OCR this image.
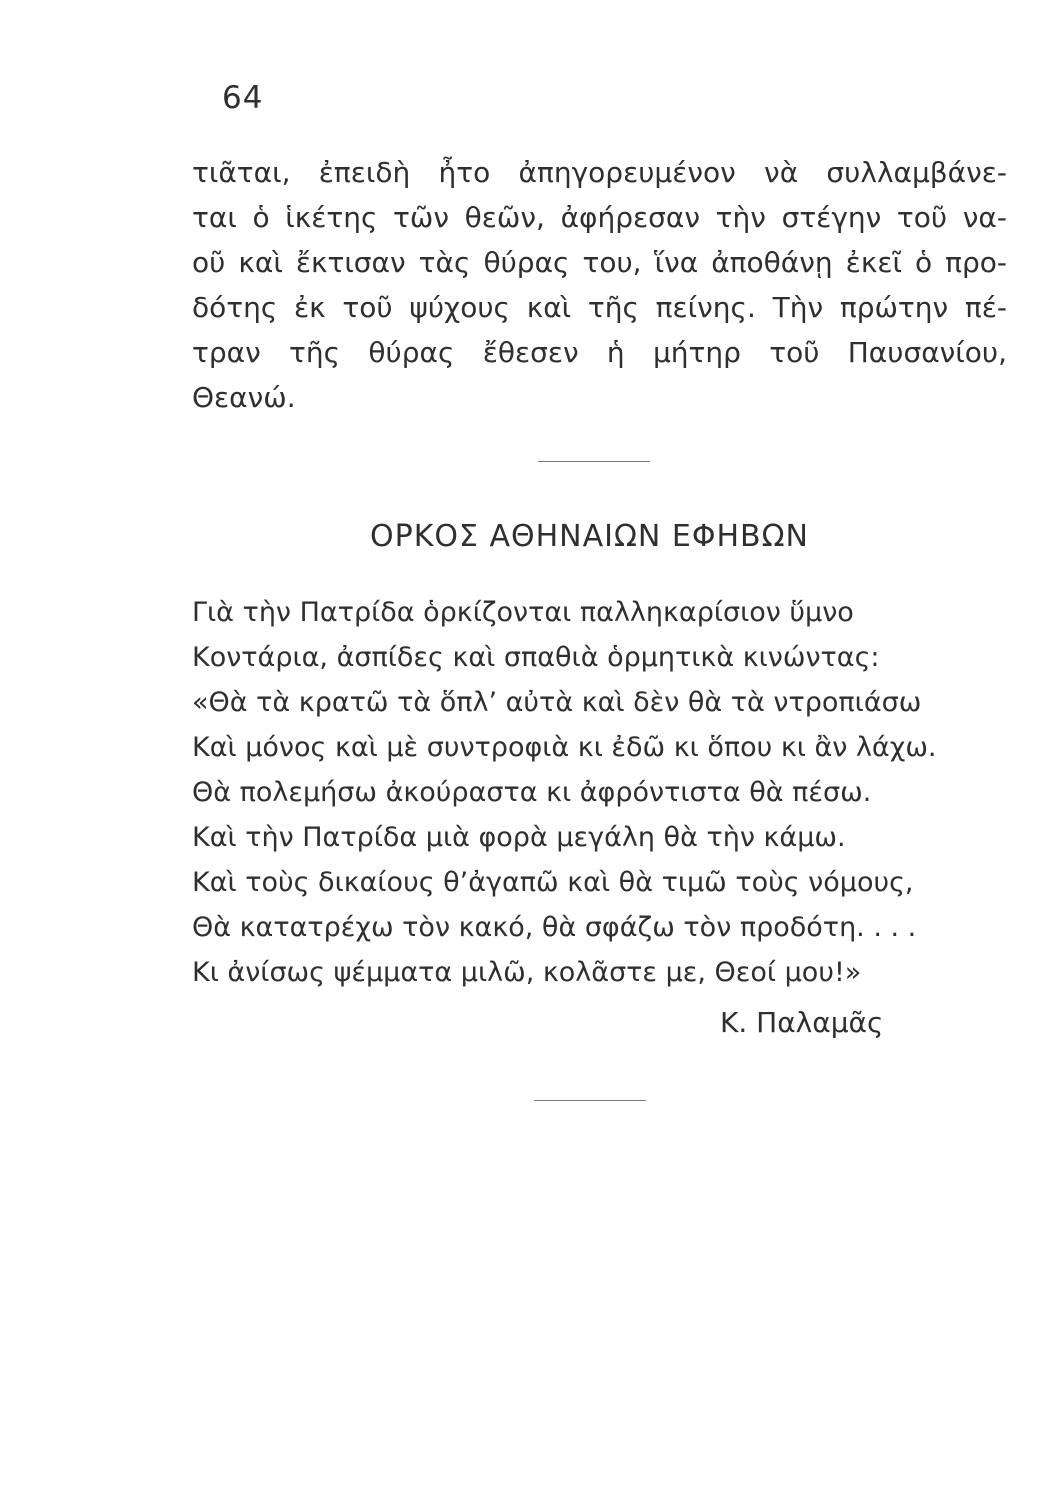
64
τιᾶται, ἐπειδὴ ἦτο ἀπηγορευμένον νὰ συλλαμβάνε-
ται ὁ ἱκέτης τῶν θεῶν, ἀφήρεσαν τὴν στέγην τοῦ να-
οῦ καὶ ἔκτισαν τὰς θύρας του, ἵνα ἀποθάνῃ ἐκεῖ ὁ προ-
δότης ἐκ τοῦ ψύχους καὶ τῆς πείνης. Τὴν πρώτην πέ-
τραν τῆς θύρας ἔθεσεν ἡ μήτηρ τοῦ Παυσανίου,
Θεανώ.
ΟΡΚΟΣ ΑΘΗΝΑΙΩΝ ΕΦΗΒΩΝ
Γιὰ τὴν Πατρίδα ὁρκίζονται παλληκαρίσιον ὕμνο
Κοντάρια, ἀσπίδες καὶ σπαθιὰ ὁρμητικὰ κινώντας:
«Θὰ τὰ κρατῶ τὰ ὅπλ’ αὐτὰ καὶ δὲν θὰ τὰ ντροπιάσω
Καὶ μόνος καὶ μὲ συντροφιὰ κι ἐδῶ κι ὅπου κι ἂν λάχω.
Θὰ πολεμήσω ἀκούραστα κι ἀφρόντιστα θὰ πέσω.
Καὶ τὴν Πατρίδα μιὰ φορὰ μεγάλη θὰ τὴν κάμω.
Καὶ τοὺς δικαίους θ’ἀγαπῶ καὶ θὰ τιμῶ τοὺς νόμους,
Θὰ κατατρέχω τὸν κακό, θὰ σφάζω τὸν προδότη. . . .
Κι ἀνίσως ψέμματα μιλῶ, κολᾶστε με, Θεοί μου!»
Κ. Παλαμᾶς
